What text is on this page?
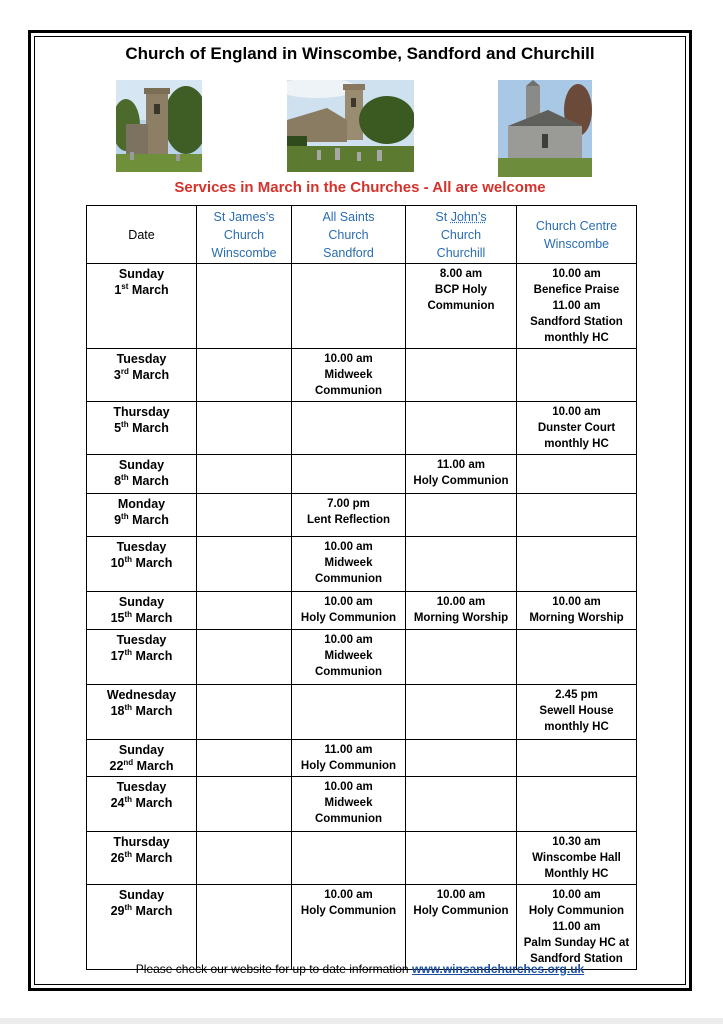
Church of England in Winscombe, Sandford and Churchill
Services in March in the Churches - All are welcome
Date	St James’s
Church
Winscombe	All Saints
Church
Sandford	St John’s
Church
Churchill	Church Centre
Winscombe

Sunday
1st March			8.00 am
BCP Holy
Communion	10.00 am
Benefice Praise
11.00 am
Sandford Station
monthly HC

Tuesday
3rd March		10.00 am
Midweek
Communion		

Thursday
5th March				10.00 am
Dunster Court
monthly HC

Sunday
8th March			11.00 am
Holy Communion	

Monday
9th March		7.00 pm
Lent Reflection		

Tuesday
10th March		10.00 am
Midweek
Communion		

Sunday
15th March		10.00 am
Holy Communion	10.00 am
Morning Worship	10.00 am
Morning Worship

Tuesday
17th March		10.00 am
Midweek
Communion		

Wednesday
18th March				2.45 pm
Sewell House
monthly HC

Sunday
22nd March		11.00 am
Holy Communion		

Tuesday
24th March		10.00 am
Midweek
Communion		

Thursday
26th March				10.30 am
Winscombe Hall
Monthly HC

Sunday
29th March		10.00 am
Holy Communion	10.00 am
Holy Communion	10.00 am
Holy Communion
11.00 am
Palm Sunday HC at
Sandford Station

Please check our website for up to date information www.winsandchurches.org.uk
